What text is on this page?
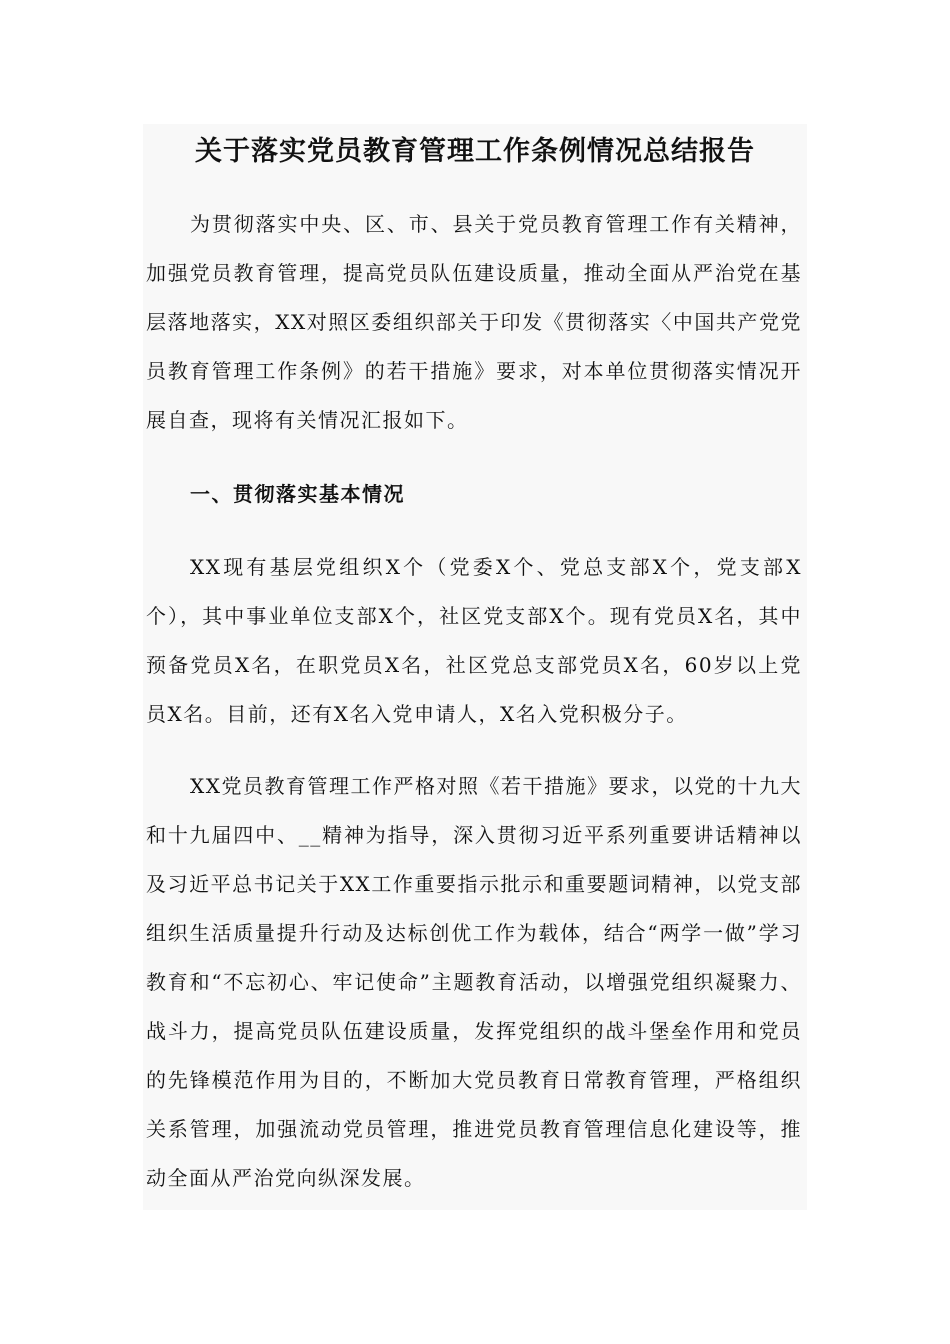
关于落实党员教育管理工作条例情况总结报告

为贯彻落实中央、区、市、县关于党员教育管理工作有关精神，加强党员教育管理，提高党员队伍建设质量，推动全面从严治党在基层落地落实，XX对照区委组织部关于印发《贯彻落实〈中国共产党党员教育管理工作条例》的若干措施》要求，对本单位贯彻落实情况开展自查，现将有关情况汇报如下。

一、贯彻落实基本情况

XX现有基层党组织X个（党委X个、党总支部X个，党支部X个），其中事业单位支部X个，社区党支部X个。现有党员X名，其中预备党员X名，在职党员X名，社区党总支部党员X名，60岁以上党员X名。目前，还有X名入党申请人，X名入党积极分子。

XX党员教育管理工作严格对照《若干措施》要求，以党的十九大和十九届四中、__精神为指导，深入贯彻习近平系列重要讲话精神以及习近平总书记关于XX工作重要指示批示和重要题词精神，以党支部组织生活质量提升行动及达标创优工作为载体，结合“两学一做”学习教育和“不忘初心、牢记使命”主题教育活动，以增强党组织凝聚力、战斗力，提高党员队伍建设质量，发挥党组织的战斗堡垒作用和党员的先锋模范作用为目的，不断加大党员教育日常教育管理，严格组织关系管理，加强流动党员管理，推进党员教育管理信息化建设等，推动全面从严治党向纵深发展。
